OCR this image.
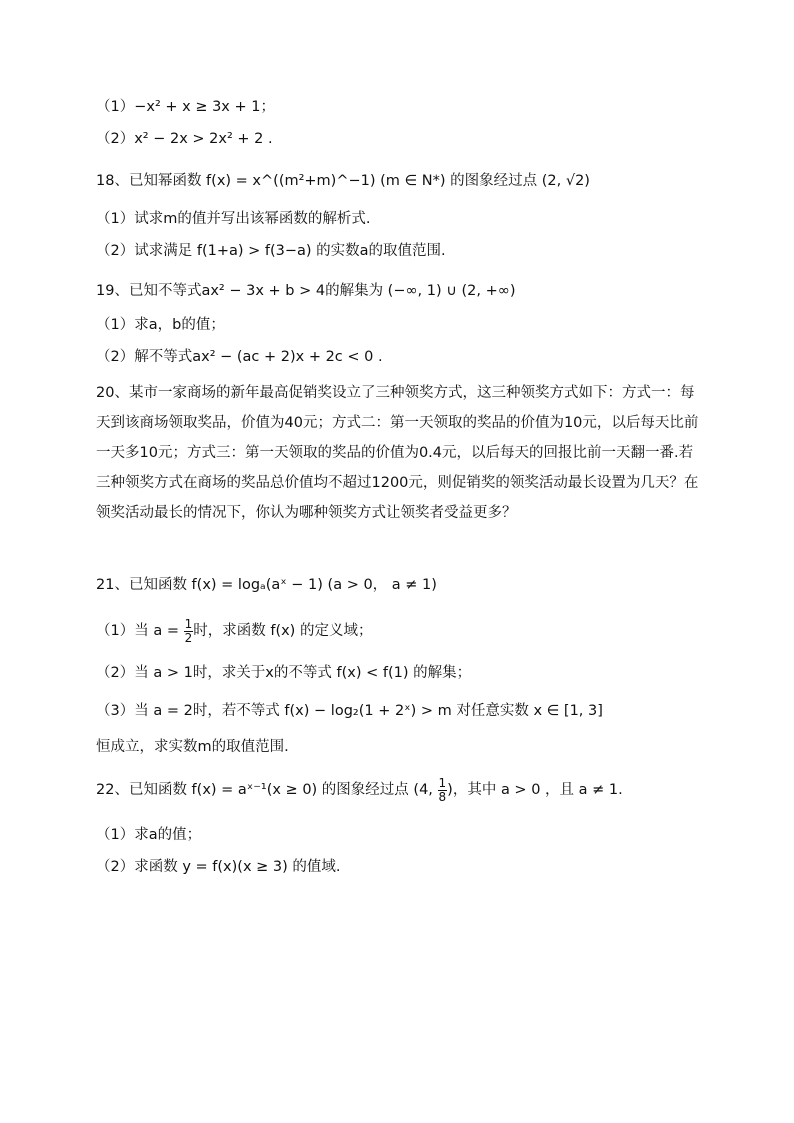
（1）−x² + x ≥ 3x + 1；
（2）x² − 2x > 2x² + 2 .
18、已知幂函数 f(x) = x^((m²+m)^−1) (m ∈ N*) 的图象经过点 (2, √2)
（1）试求m的值并写出该幂函数的解析式.
（2）试求满足 f(1+a) > f(3−a) 的实数a的取值范围.
19、已知不等式ax² − 3x + b > 4的解集为 (−∞, 1) ∪ (2, +∞)
（1）求a，b的值；
（2）解不等式ax² − (ac + 2)x + 2c < 0 .
20、某市一家商场的新年最高促销奖设立了三种领奖方式，这三种领奖方式如下：方式一：每天到该商场领取奖品，价值为40元；方式二：第一天领取的奖品的价值为10元，以后每天比前一天多10元；方式三：第一天领取的奖品的价值为0.4元，以后每天的回报比前一天翻一番.若三种领奖方式在商场的奖品总价值均不超过1200元，则促销奖的领奖活动最长设置为几天？在领奖活动最长的情况下，你认为哪种领奖方式让领奖者受益更多？
21、已知函数 f(x) = logₐ(aˣ − 1) (a > 0， a ≠ 1)
（1）当 $a = \frac{1}{2}$ 时，求函数 f(x) 的定义域；
（2）当 a > 1时，求关于x的不等式 f(x) < f(1) 的解集；
（3）当 a = 2时，若不等式 f(x) − log₂(1 + 2ˣ) > m 对任意实数 x ∈ [1, 3]
恒成立，求实数m的取值范围.
22、已知函数 f(x) = aˣ⁻¹(x ≥ 0) 的图象经过点 (4, $\frac{1}{8}$ )，其中 a > 0 ，且 a ≠ 1.
（1）求a的值；
（2）求函数 y = f(x)(x ≥ 3) 的值域.
